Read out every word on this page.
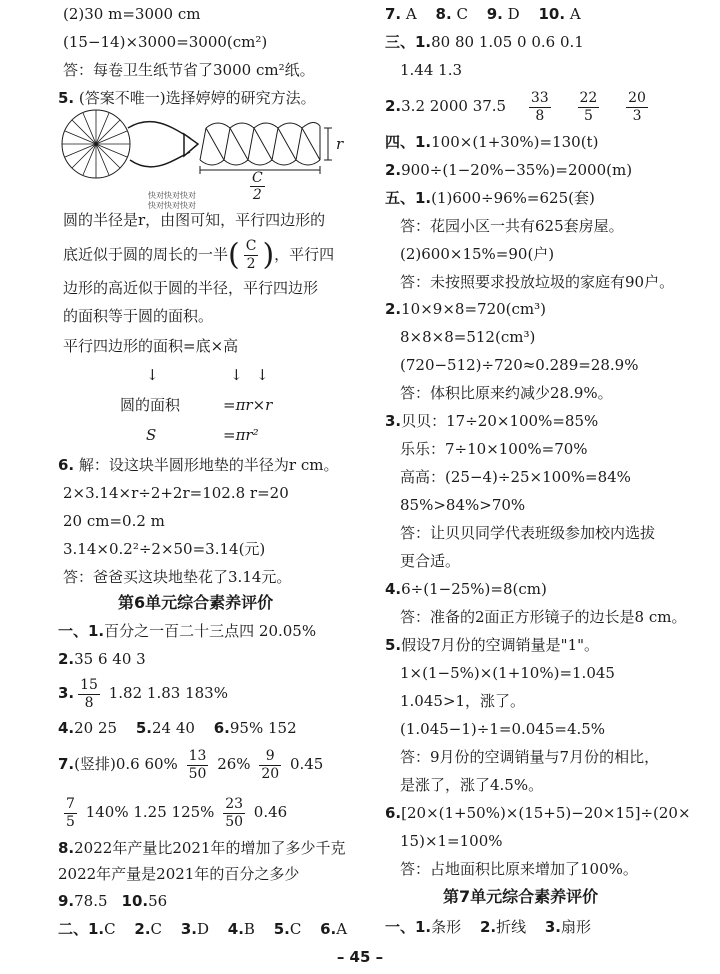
(2)30 m=3000 cm
(15−14)×3000=3000(cm²)
答：每卷卫生纸节省了3000 cm²纸。
5. (答案不唯一)选择婷婷的研究方法。
圆的半径是r，由图可知，平行四边形的
底近似于圆的周长的一半( $\frac{C}{2}$ )，平行四
边形的高近似于圆的半径，平行四边形
的面积等于圆的面积。
平行四边形的面积=底×高
↓	↓ ↓
圆的面积	=πr×r
S	=πr²
6. 解：设这块半圆形地垫的半径为r cm。
2×3.14×r÷2+2r=102.8 r=20
20 cm=0.2 m
3.14×0.2²÷2×50=3.14(元)
答：爸爸买这块地垫花了3.14元。
第6单元综合素养评价
一、1.百分之一百二十三点四 20.05%
2.35 6 40 3
3. $\frac{15}{8} 1.82$ 1.83 183%
4.20 25 5.24 40 6.95% 152
7.(竖排)0.6 $60\% \frac{13}{50} 26\% \frac{9}{20} 0.45$
$\frac{7}{5} 140\%$ 1.25 $125\% \frac{23}{50} 0.46$
8.2022年产量比2021年的增加了多少千克
2022年产量是2021年的百分之多少
9.78.5 10.56
二、1.C 2.C 3.D 4.B 5.C 6.A
r
C
2
快对快对快对
快对快对快对
7. A 8. C 9. D 10. A
三、1.80 80 1.05 0 0.6 0.1
1.44 1.3
2.3.2 2000 $37.5 \frac{33}{8}$
$\frac{22}{5}$
$\frac{20}{3}$
四、1.100×(1+30%)=130(t)
2.900÷(1−20%−35%)=2000(m)
五、1.(1)600÷96%=625(套)
答：花园小区一共有625套房屋。
(2)600×15%=90(户)
答：未按照要求投放垃圾的家庭有90户。
2.10×9×8=720(cm³)
8×8×8=512(cm³)
(720−512)÷720≈0.289=28.9%
答：体积比原来约减少28.9%。
3.贝贝：17÷20×100%=85%
乐乐：7÷10×100%=70%
高高：(25−4)÷25×100%=84%
85%>84%>70%
答：让贝贝同学代表班级参加校内选拔
更合适。
4.6÷(1−25%)=8(cm)
答：准备的2面正方形镜子的边长是8 cm。
5.假设7月份的空调销量是"1"。
1×(1−5%)×(1+10%)=1.045
1.045>1，涨了。
(1.045−1)÷1=0.045=4.5%
答：9月份的空调销量与7月份的相比，
是涨了，涨了4.5%。
6.[20×(1+50%)×(15+5)−20×15]÷(20×
15)×1=100%
答：占地面积比原来增加了100%。
第7单元综合素养评价
一、1.条形 2.折线 3.扇形
– 45 –
